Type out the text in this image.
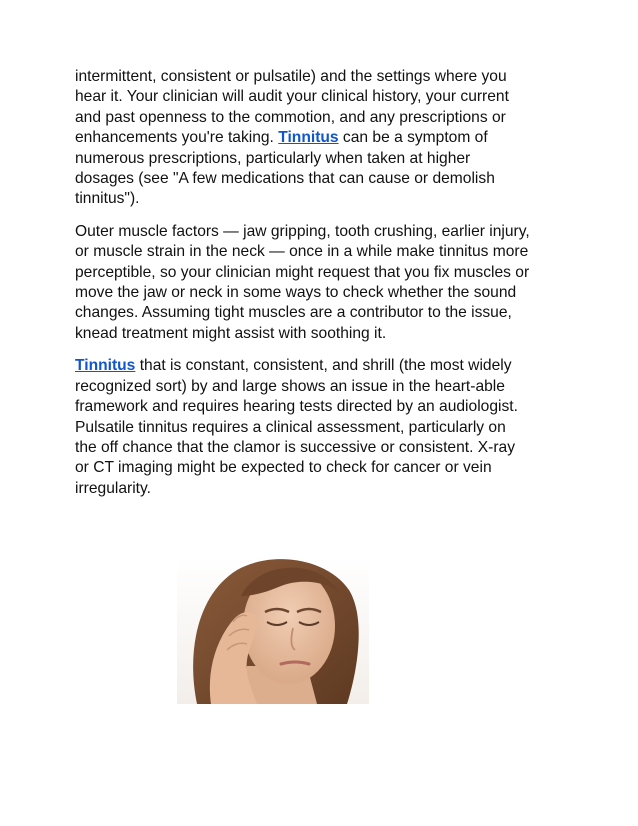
intermittent, consistent or pulsatile) and the settings where you
hear it. Your clinician will audit your clinical history, your current
and past openness to the commotion, and any prescriptions or
enhancements you're taking. Tinnitus can be a symptom of
numerous prescriptions, particularly when taken at higher
dosages (see "A few medications that can cause or demolish
tinnitus").

Outer muscle factors — jaw gripping, tooth crushing, earlier injury,
or muscle strain in the neck — once in a while make tinnitus more
perceptible, so your clinician might request that you fix muscles or
move the jaw or neck in some ways to check whether the sound
changes. Assuming tight muscles are a contributor to the issue,
knead treatment might assist with soothing it.

Tinnitus that is constant, consistent, and shrill (the most widely
recognized sort) by and large shows an issue in the heart-able
framework and requires hearing tests directed by an audiologist.
Pulsatile tinnitus requires a clinical assessment, particularly on
the off chance that the clamor is successive or consistent. X-ray
or CT imaging might be expected to check for cancer or vein
irregularity.
